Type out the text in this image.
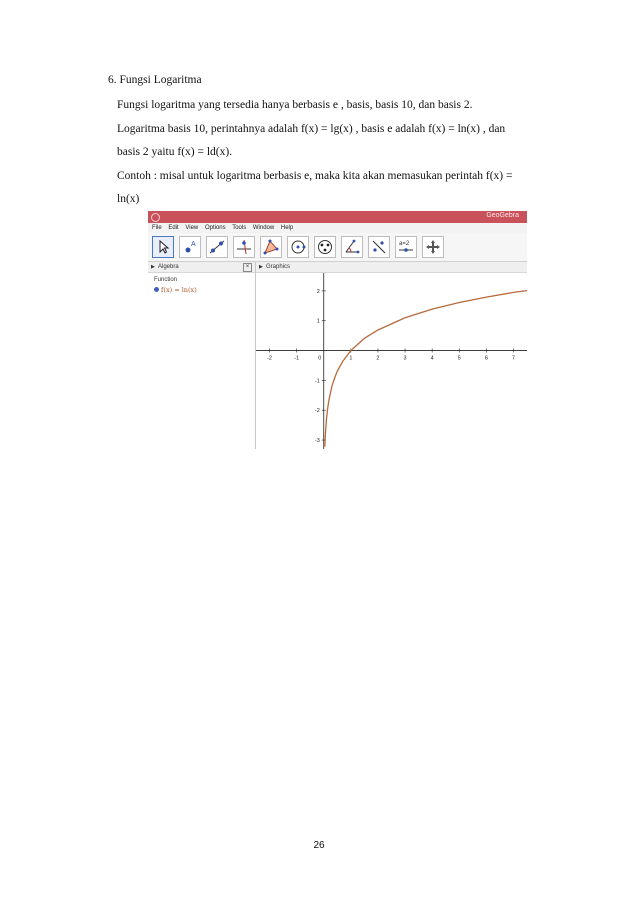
6. Fungsi Logaritma
Fungsi logaritma yang tersedia hanya berbasis e , basis, basis 10, dan basis 2.
Logaritma basis 10, perintahnya adalah f(x) = lg(x) , basis e adalah f(x) = ln(x) , dan
basis 2 yaitu f(x) = ld(x).
Contoh : misal untuk logaritma berbasis e, maka kita akan memasukan perintah f(x) =
ln(x)
GeoGebra
File Edit View Options Tools Window Help
A	a=2
▶ Algebra	×
Function
f(x) = ln(x)
▶ Graphics
-2	-1	0	1	2	3	4	5	6	7
2
1
-1
-2
-3
26
